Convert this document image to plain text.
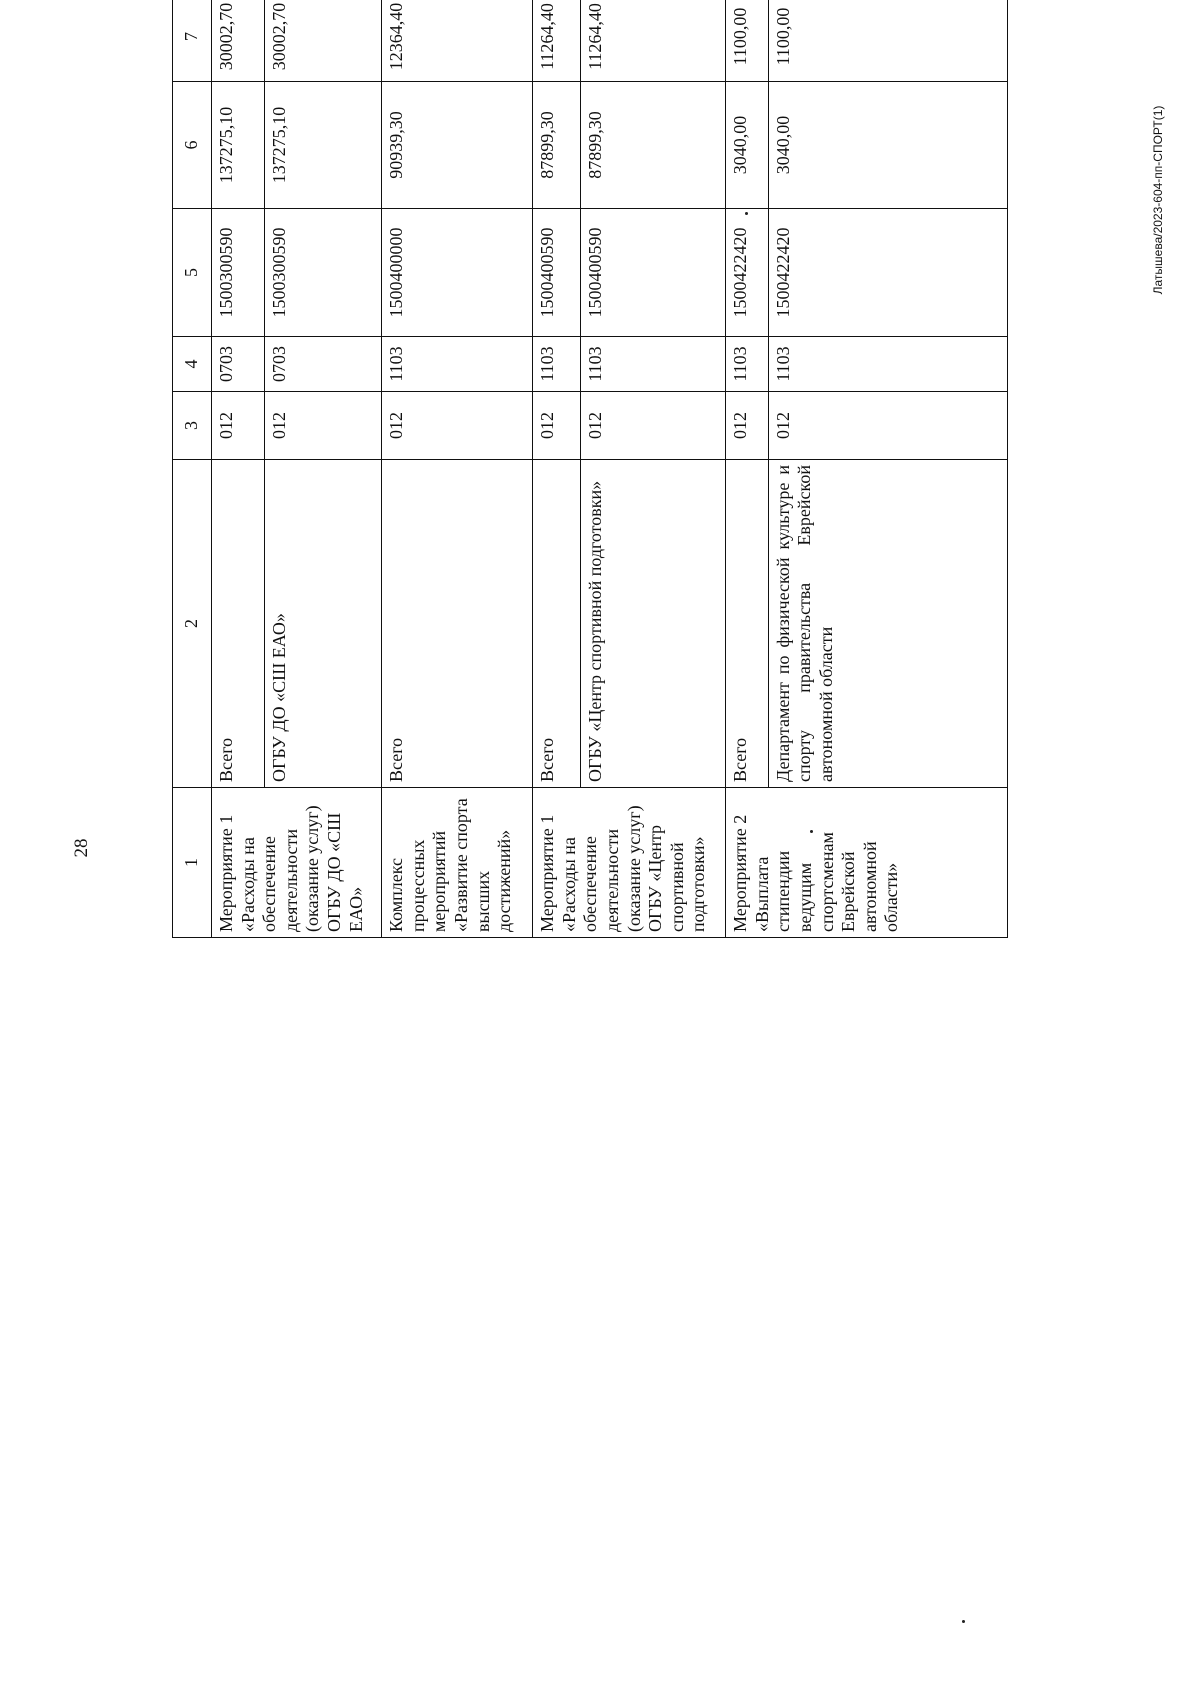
28
Латышева/2023-604-пп-СПОРТ(1)
1	2	3	4	5	6	7				
Мероприятие 1 «Расходы на обеспечение деятельности (оказание услуг) ОГБУ ДО «СШ ЕАО»	Всего	012	0703	1500300590	137275,10	30002,70				
	ОГБУ ДО «СШ ЕАО»	012	0703	1500300590	137275,10	30002,70				
Комплекс процессных мероприятий «Развитие спорта высших достижений»	Всего	012	1103	1500400000	90939,30	12364,40				
Мероприятие 1 «Расходы на обеспечение деятельности (оказание услуг) ОГБУ «Центр спортивной подготовки»	Всего	012	1103	1500400590	87899,30	11264,40				
	ОГБУ «Центр спортивной подготовки»	012	1103	1500400590	87899,30	11264,40				
Мероприятие 2 «Выплата стипендии ведущим спортсменам Еврейской автономной области»	Всего	012	1103	1500422420	3040,00	1100,00				
	Департамент по физической культуре и спорту правительства Еврейской автономной области	012	1103	1500422420	3040,00	1100,00				
